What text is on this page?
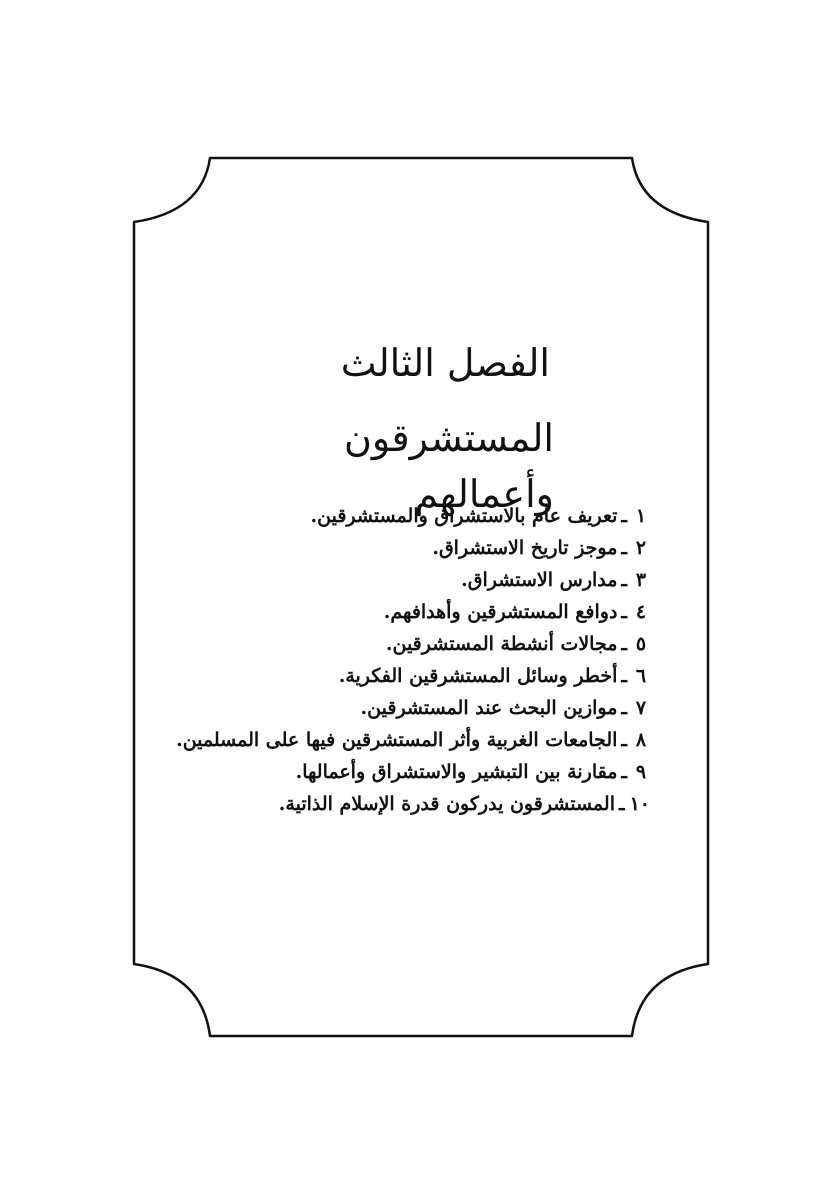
الفصل الثالث
المستشرقون وأعمالهم	١ـتعريف عام بالاستشراق والمستشرقين.
٢ـموجز تاريخ الاستشراق.
٣ـمدارس الاستشراق.
٤ـدوافع المستشرقين وأهدافهم.
٥ـمجالات أنشطة المستشرقين.
٦ـأخطر وسائل المستشرقين الفكرية.
٧ـموازين البحث عند المستشرقين.
٨ـالجامعات الغربية وأثر المستشرقين فيها على المسلمين.
٩ـمقارنة بين التبشير والاستشراق وأعمالها.
١٠ـالمستشرقون يدركون قدرة الإسلام الذاتية.
